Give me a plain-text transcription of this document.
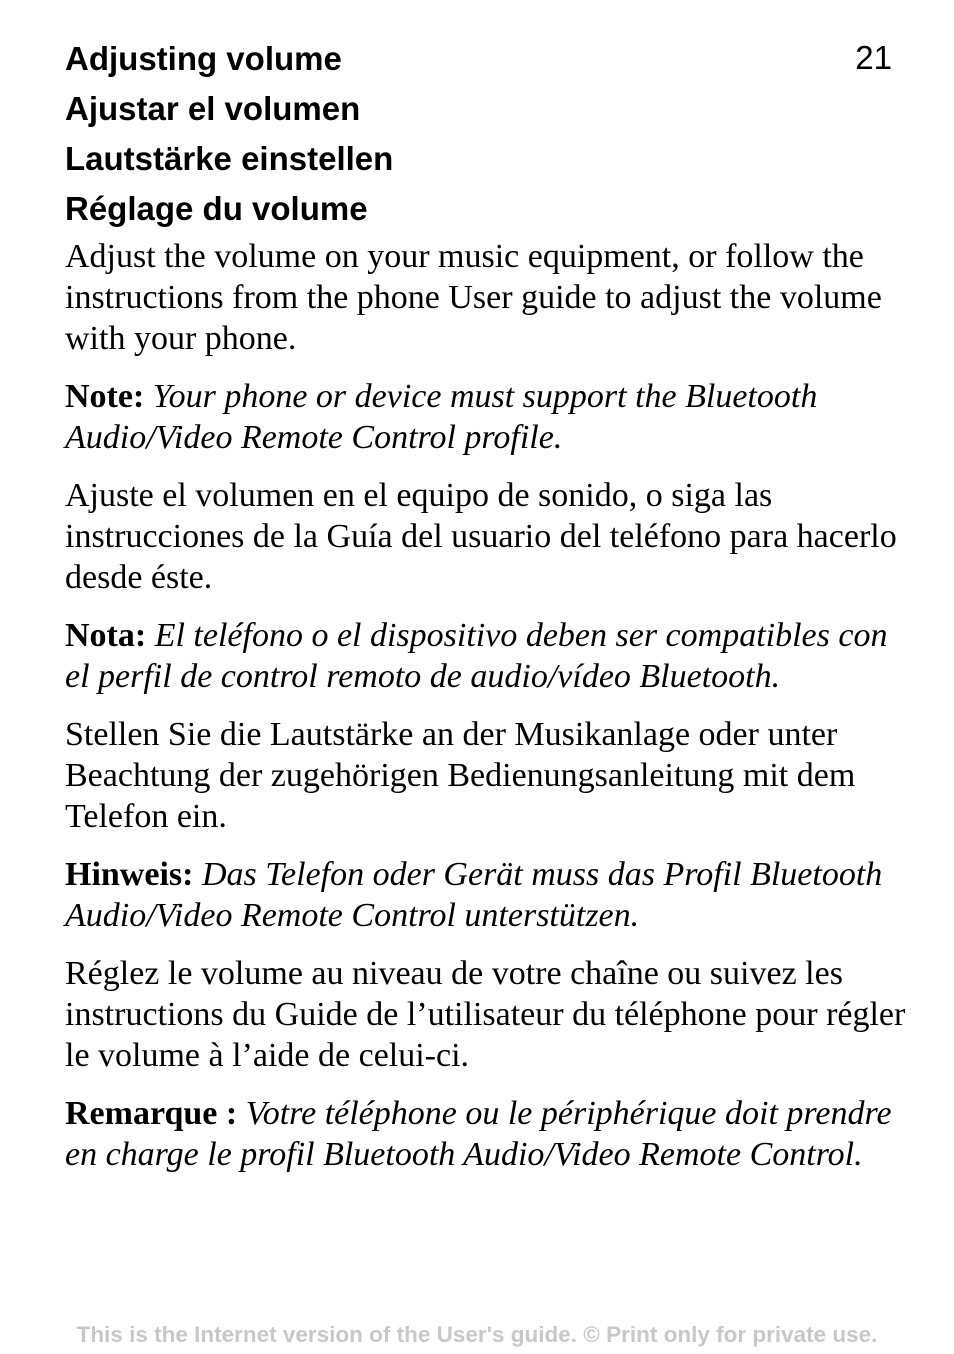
21
Adjusting volume
Ajustar el volumen
Lautstärke einstellen
Réglage du volume

Adjust the volume on your music equipment, or follow the instructions from the phone User guide to adjust the volume with your phone.

Note: Your phone or device must support the Bluetooth Audio/Video Remote Control profile.

Ajuste el volumen en el equipo de sonido, o siga las instrucciones de la Guía del usuario del teléfono para hacerlo desde éste.

Nota: El teléfono o el dispositivo deben ser compatibles con el perfil de control remoto de audio/vídeo Bluetooth.

Stellen Sie die Lautstärke an der Musikanlage oder unter Beachtung der zugehörigen Bedienungsanleitung mit dem Telefon ein.

Hinweis: Das Telefon oder Gerät muss das Profil Bluetooth Audio/Video Remote Control unterstützen.

Réglez le volume au niveau de votre chaîne ou suivez les instructions du Guide de l’utilisateur du téléphone pour régler le volume à l’aide de celui-ci.

Remarque : Votre téléphone ou le périphérique doit prendre en charge le profil Bluetooth Audio/Video Remote Control.

This is the Internet version of the User's guide. © Print only for private use.
